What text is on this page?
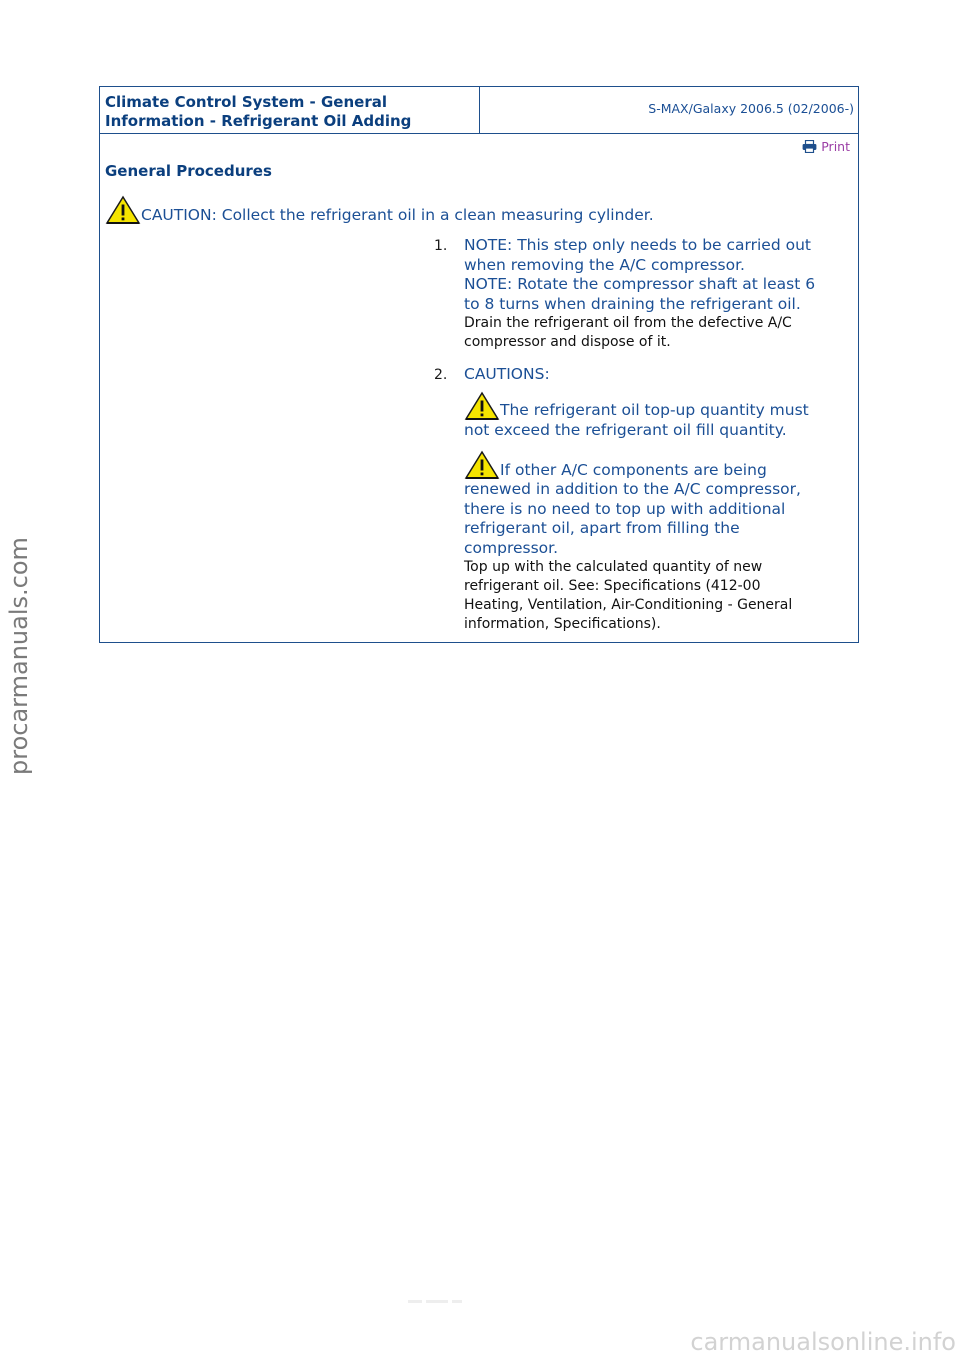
Climate Control System - General
Information - Refrigerant Oil Adding
S-MAX/Galaxy 2006.5 (02/2006-)
Print
General Procedures
CAUTION: Collect the refrigerant oil in a clean measuring cylinder.
1. NOTE: This step only needs to be carried out
when removing the A/C compressor.
NOTE: Rotate the compressor shaft at least 6
to 8 turns when draining the refrigerant oil.
Drain the refrigerant oil from the defective A/C
compressor and dispose of it.
2. CAUTIONS:
The refrigerant oil top-up quantity must
not exceed the refrigerant oil fill quantity.
If other A/C components are being
renewed in addition to the A/C compressor,
there is no need to top up with additional
refrigerant oil, apart from filling the
compressor.
Top up with the calculated quantity of new
refrigerant oil. See: Specifications (412-00
Heating, Ventilation, Air-Conditioning - General
information, Specifications).
procarmanuals.com
carmanualsonline.info
